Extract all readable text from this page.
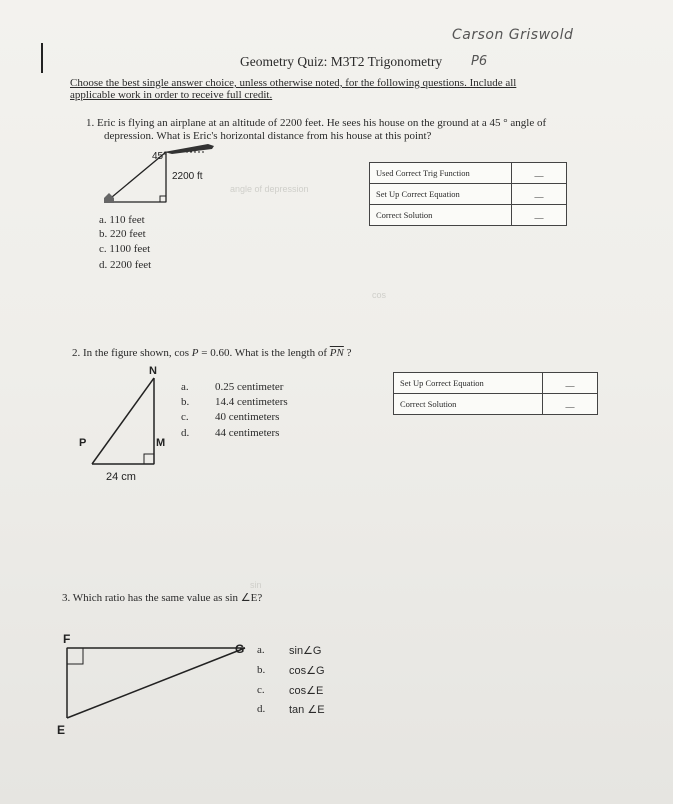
Carson Griswold
Geometry Quiz: M3T2 Trigonometry P6
Choose the best single answer choice, unless otherwise noted, for the following questions. Include all
applicable work in order to receive full credit.
1. Eric is flying an airplane at an altitude of 2200 feet. He sees his house on the ground at a 45 ° angle of
depression. What is Eric's horizontal distance from his house at this point?
45°
2200 ft
a. 110 feet
b. 220 feet
c. 1100 feet
d. 2200 feet
Used Correct Trig Function	__
Set Up Correct Equation	__
Correct Solution	__
angle of depression
cos
sin
2. In the figure shown, cos P = 0.60. What is the length of $\overline{PN}$ ?
N
P	M
24 cm
a. 0.25 centimeter
b. 14.4 centimeters
c. 40 centimeters
d. 44 centimeters
Set Up Correct Equation	__
Correct Solution	__
3. Which ratio has the same value as sin ∠E?
F
G
E
a. sin∠G
b. cos∠G
c. cos∠E
d. tan ∠E
